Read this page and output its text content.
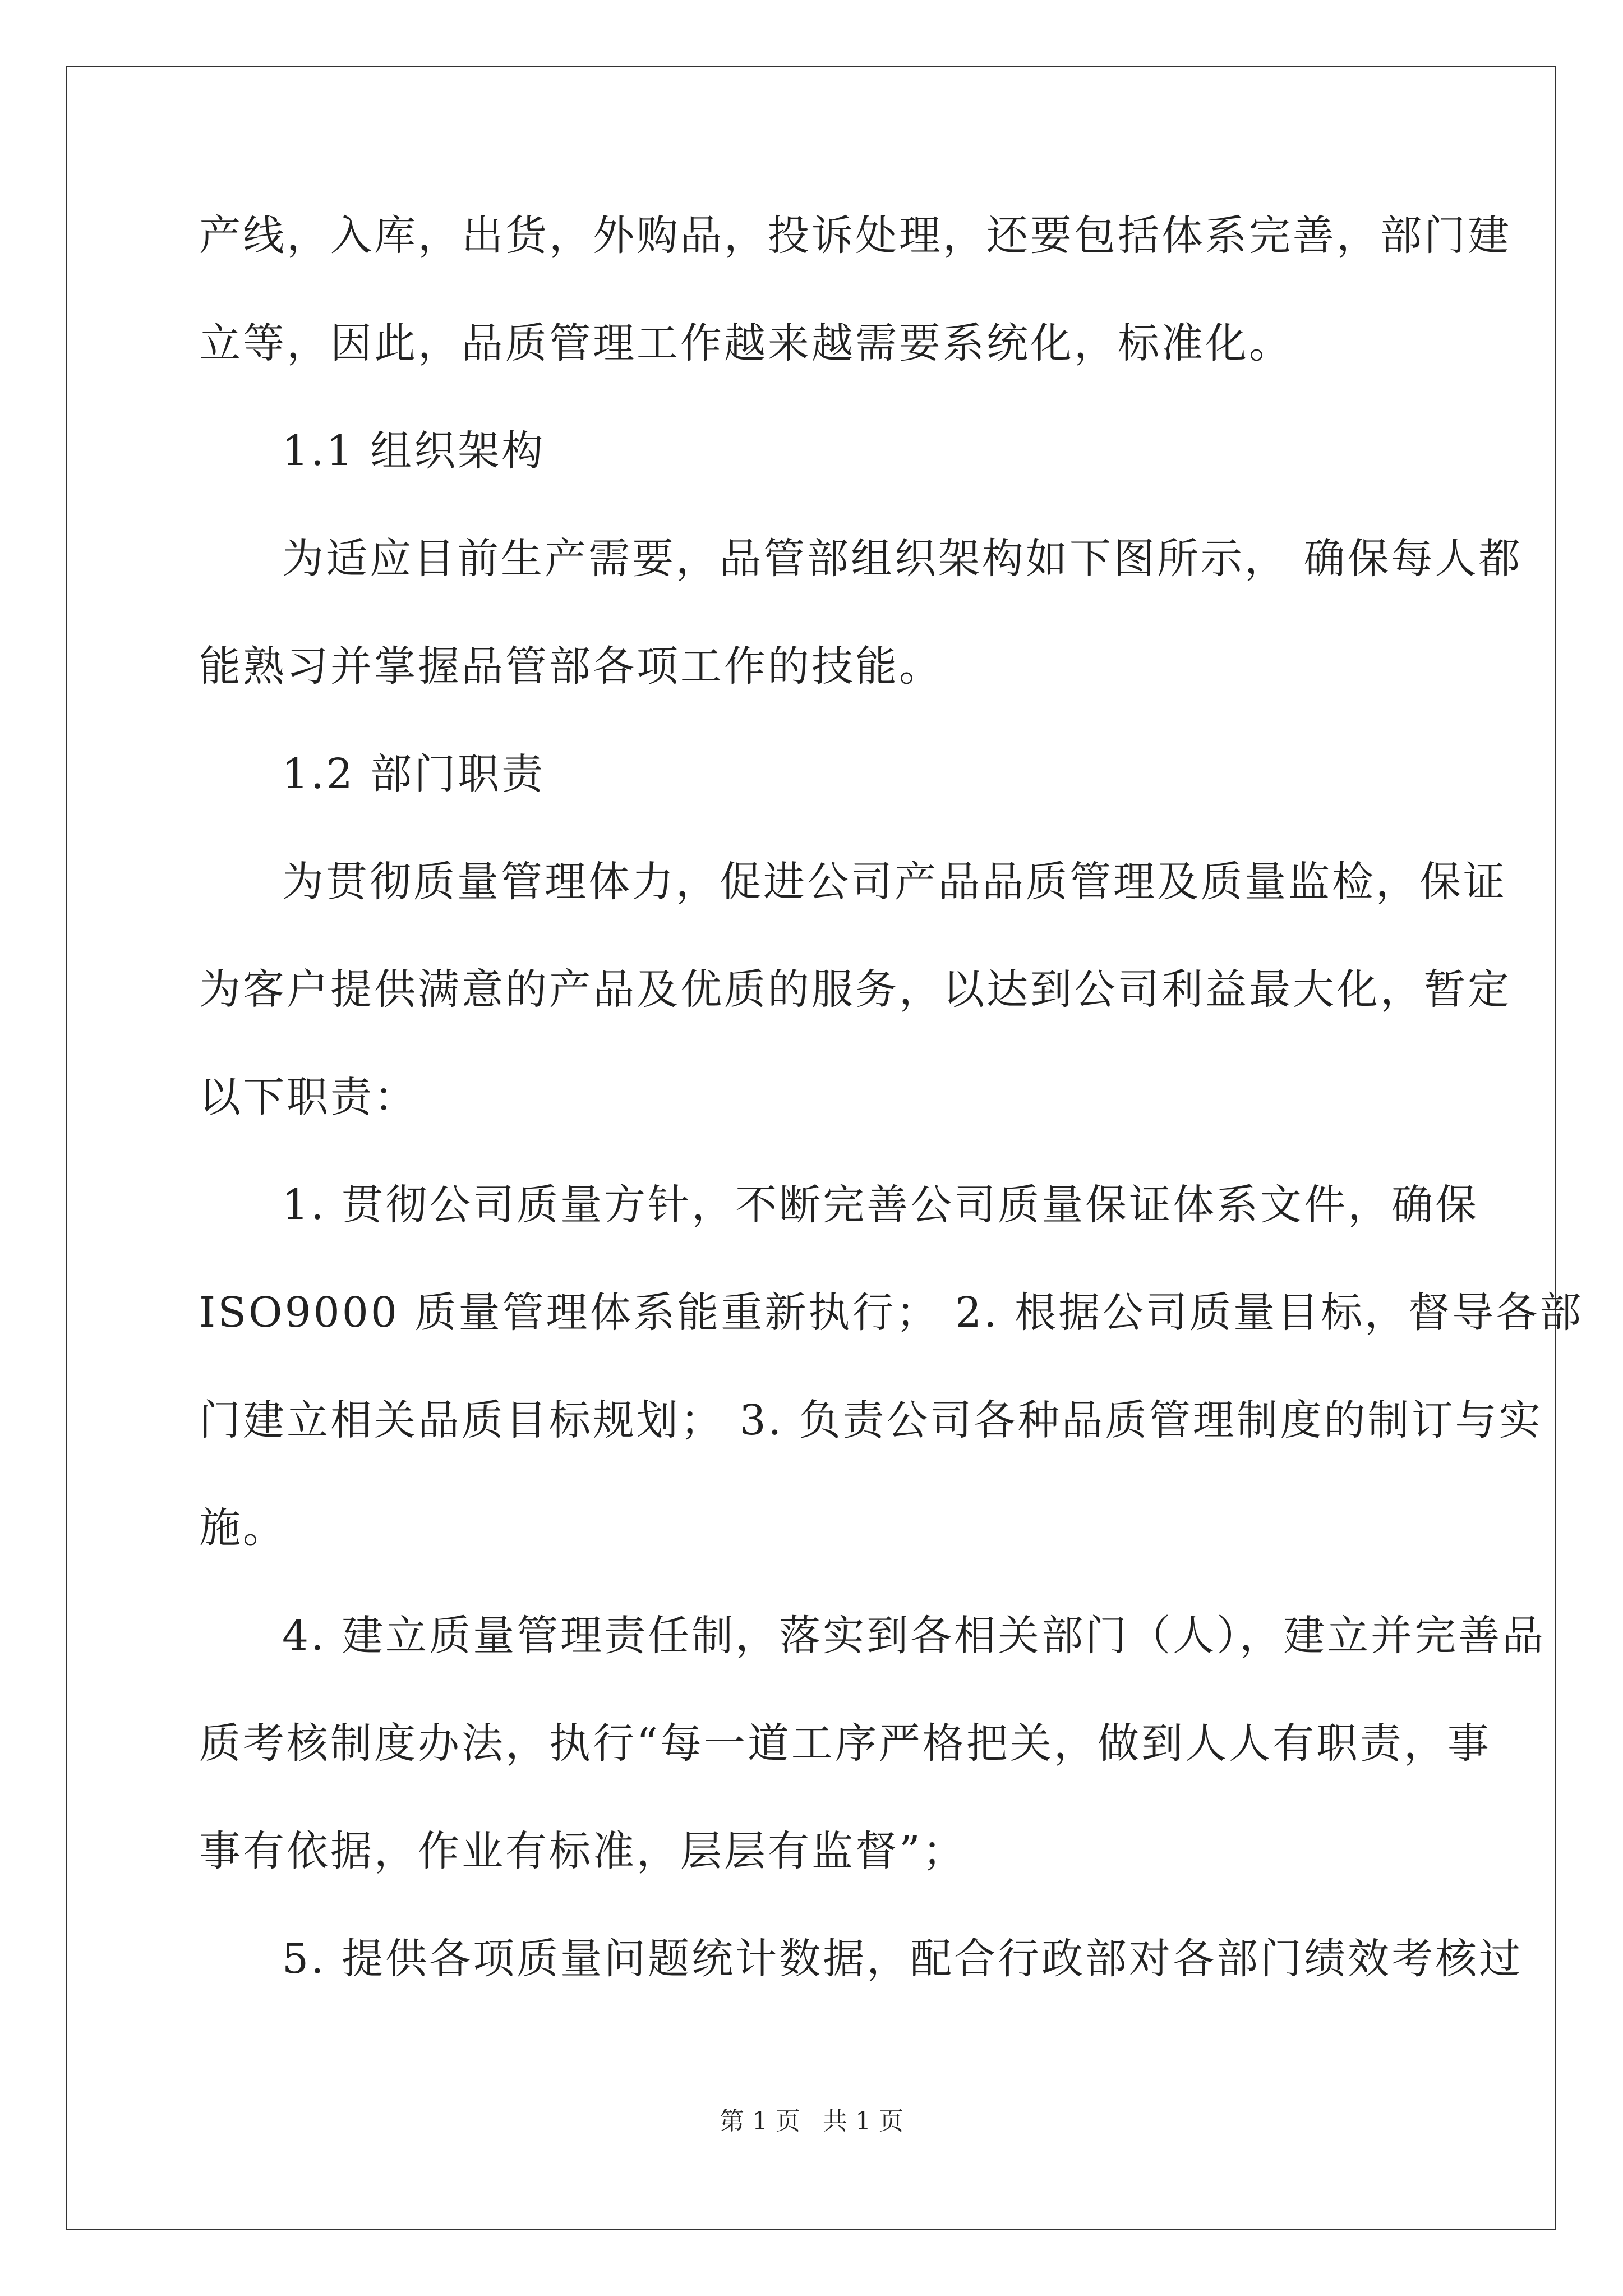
产线，入库，出货，外购品，投诉处理，还要包括体系完善，部门建
立等，因此，品质管理工作越来越需要系统化，标准化。
1.1 组织架构
为适应目前生产需要，品管部组织架构如下图所示， 确保每人都
能熟习并掌握品管部各项工作的技能。
1.2 部门职责
为贯彻质量管理体力，促进公司产品品质管理及质量监检，保证
为客户提供满意的产品及优质的服务，以达到公司利益最大化，暂定
以下职责：
1. 贯彻公司质量方针，不断完善公司质量保证体系文件，确保
ISO9000 质量管理体系能重新执行； 2. 根据公司质量目标，督导各部
门建立相关品质目标规划； 3. 负责公司各种品质管理制度的制订与实
施。
4. 建立质量管理责任制，落实到各相关部门（人），建立并完善品
质考核制度办法，执行“每一道工序严格把关，做到人人有职责，事
事有依据，作业有标准，层层有监督”；
5. 提供各项质量问题统计数据，配合行政部对各部门绩效考核过
第 1 页 共 1 页
